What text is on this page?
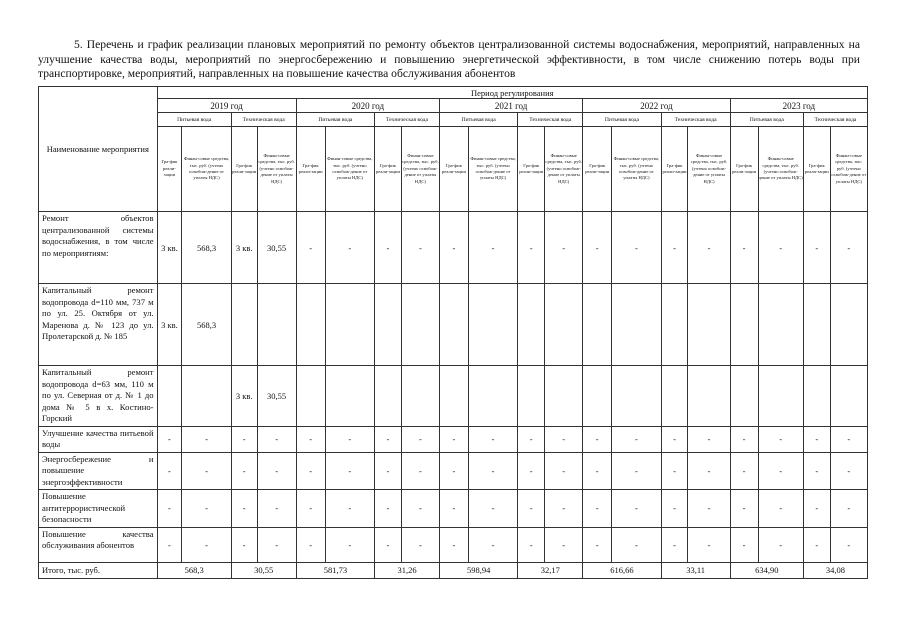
5. Перечень и график реализации плановых мероприятий по ремонту объектов централизованной системы водоснабжения, мероприятий, направленных на улучшение качества воды, мероприятий по энергосбережению и повышению энергетической эффективности, в том числе снижению потерь воды при транспортировке, мероприятий, направленных на повышение качества обслуживания абонентов

Наименование мероприятия	Период регулирования																			
	2019 год				2020 год				2021 год				2022 год				2023 год			
	Питьевая вода		Техническая вода		Питьевая вода		Техническая вода		Питьевая вода		Техническая вода		Питьевая вода		Техническая вода		Питьевая вода		Техническая вода	
	Гра-фик реали-зации	Финан-совые средства, тыс. руб. (учтено освобож-дение от уплаты НДС)	Гра-фик реали-зации	Финан-совые средства, тыс. руб. (учтено освобож-дение от уплаты НДС)	Гра-фик реали-зации	Финан-совые средства, тыс. руб. (учтено освобож-дение от уплаты НДС)	Гра-фик реали-зации	Финан-совые средства, тыс. руб. (учтено освобож-дение от уплаты НДС)	Гра-фик реали-зации	Финан-совые средства, тыс. руб. (учтено освобож-дение от уплаты НДС)	Гра-фик реали-зации	Финан-совые средства, тыс. руб. (учтено освобож-дение от уплаты НДС)	Гра-фик реали-зации	Финан-совые средства, тыс. руб. (учтено освобож-дение от уплаты НДС)	Гра-фик реали-зации	Финан-совые средства, тыс. руб. (учтено освобож-дение от уплаты НДС)	Гра-фик реали-зации	Финан-совые средства, тыс. руб. (учтено освобож-дение от уплаты НДС)	Гра-фик реали-зации	Финан-совые средства, тыс. руб. (учтено освобож-дение от уплаты НДС)
Ремонт объектов централизованной системы водоснабжения, в том числе по мероприятиям:	3 кв.	568,3	3 кв.	30,55	-	-	-	-	-	-	-	-	-	-	-	-	-	-	-	-
Капитальный ремонт водопровода d=110 мм, 737 м по ул. 25. Октября от ул. Маренова д. № 123 до ул. Пролетарской д. № 185	3 кв.	568,3																		
Капитальный ремонт водопровода d=63 мм, 110 м по ул. Северная от д. № 1 до дома № 5 в х. Костино-Горский			3 кв.	30,55																
Улучшение качества питьевой воды	-	-	-	-	-	-	-	-	-	-	-	-	-	-	-	-	-	-	-	-
Энергосбережение и повышение энергоэффективности	-	-	-	-	-	-	-	-	-	-	-	-	-	-	-	-	-	-	-	-
Повышение антитеррористической безопасности	-	-	-	-	-	-	-	-	-	-	-	-	-	-	-	-	-	-	-	-
Повышение качества обслуживания абонентов	-	-	-	-	-	-	-	-	-	-	-	-	-	-	-	-	-	-	-	-
Итого, тыс. руб.	568,3		30,55		581,73		31,26		598,94		32,17		616,66		33,11		634,90		34,08	
